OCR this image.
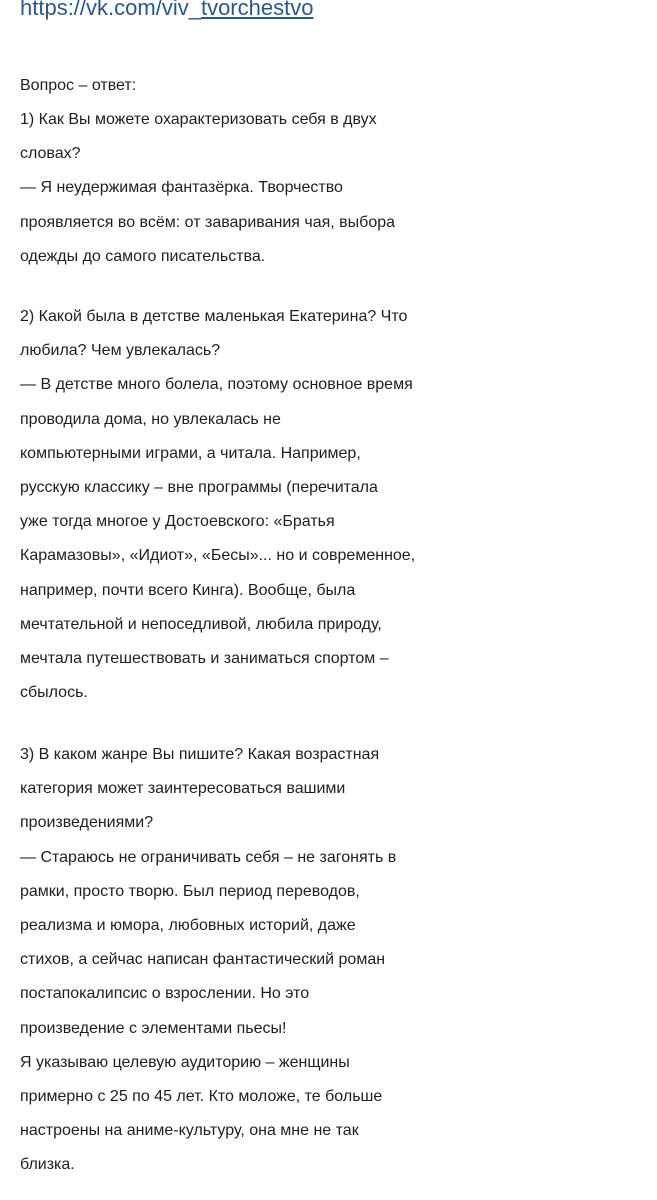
https://vk.com/viv_tvorchestvo
Вопрос – ответ:
1) Как Вы можете охарактеризовать себя в двух
словах?
— Я неудержимая фантазёрка. Творчество
проявляется во всём: от заваривания чая, выбора
одежды до самого писательства.
2) Какой была в детстве маленькая Екатерина? Что
любила? Чем увлекалась?
— В детстве много болела, поэтому основное время
проводила дома, но увлекалась не
компьютерными играми, а читала. Например,
русскую классику – вне программы (перечитала
уже тогда многое у Достоевского: «Братья
Карамазовы», «Идиот», «Бесы»... но и современное,
например, почти всего Кинга). Вообще, была
мечтательной и непоседливой, любила природу,
мечтала путешествовать и заниматься спортом –
сбылось.
3) В каком жанре Вы пишите? Какая возрастная
категория может заинтересоваться вашими
произведениями?
— Стараюсь не ограничивать себя – не загонять в
рамки, просто творю. Был период переводов,
реализма и юмора, любовных историй, даже
стихов, а сейчас написан фантастический роман
постапокалипсис о взрослении. Но это
произведение с элементами пьесы!
Я указываю целевую аудиторию – женщины
примерно с 25 по 45 лет. Кто моложе, те больше
настроены на аниме-культуру, она мне не так
близка.
